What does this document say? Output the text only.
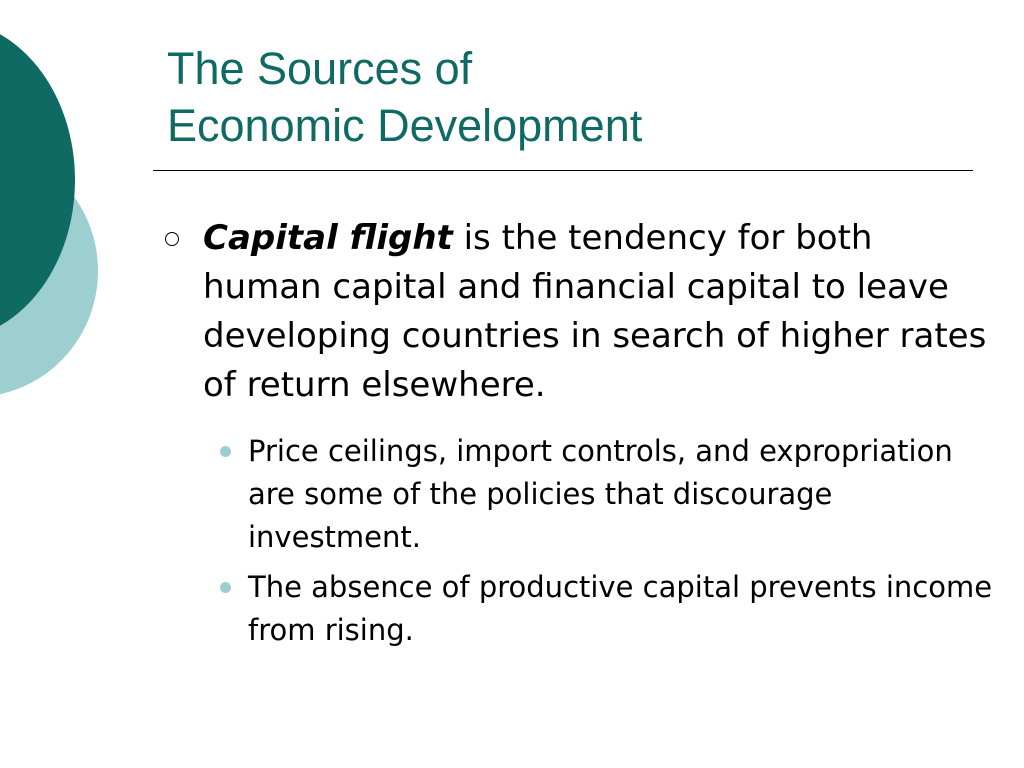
The Sources of
Economic Development
Capital flight is the tendency for both human capital and financial capital to leave developing countries in search of higher rates of return elsewhere.
Price ceilings, import controls, and expropriation are some of the policies that discourage investment.
The absence of productive capital prevents income from rising.
